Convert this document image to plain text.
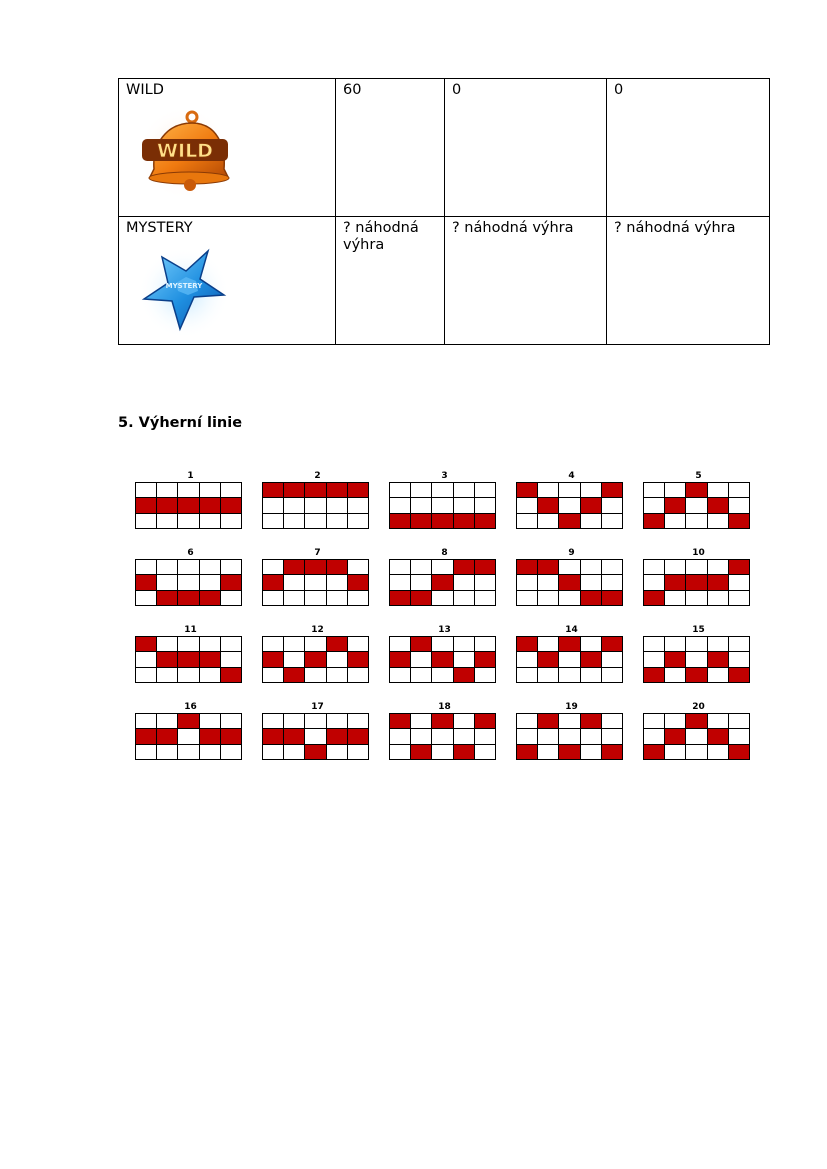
WILD
WILD	60	0	0

MYSTERY
MYSTERY	? náhodná výhra	? náhodná výhra	? náhodná výhra
5. Výherní linie
1	2	3	4	5
6	7	8	9	10
11	12	13	14	15
16	17	18	19	20
